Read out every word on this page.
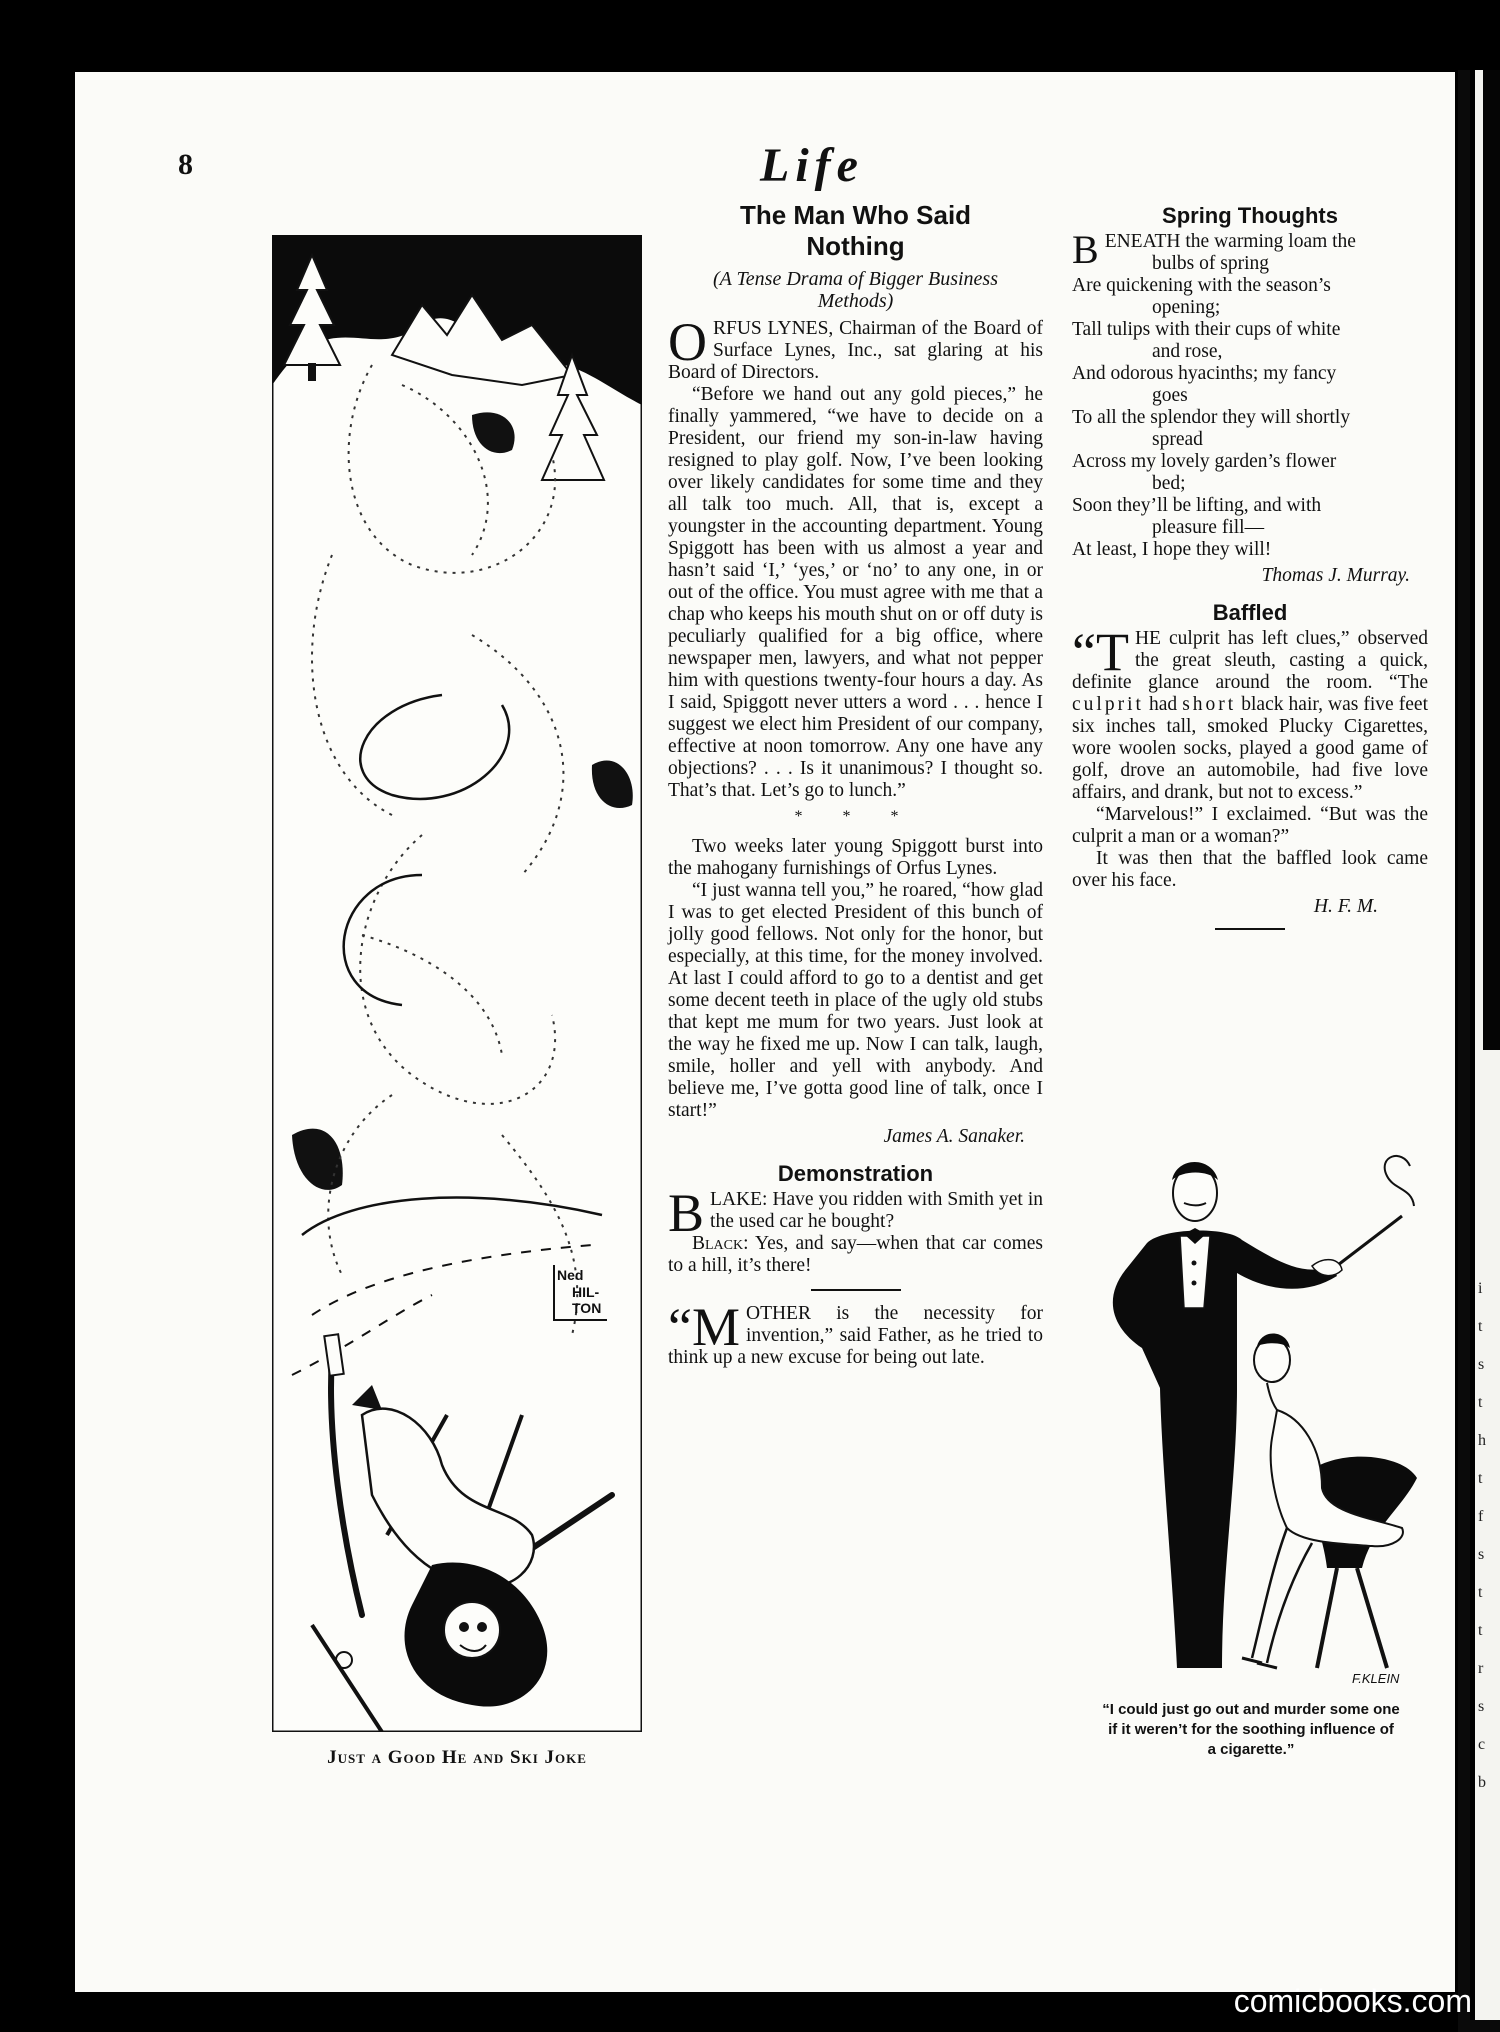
i
t
s
t
h
t
f
s
t
t
r
s
c
b
8	Life
Ned
HIL-
TON
Just a Good He and Ski Joke
The Man Who Said
Nothing
(A Tense Drama of Bigger Business
Methods)

ORFUS LYNES, Chairman of the Board of Surface Lynes, Inc., sat glaring at his Board of Directors.

“Before we hand out any gold pieces,” he finally yammered, “we have to decide on a President, our friend my son-in-law having resigned to play golf. Now, I’ve been looking over likely candidates for some time and they all talk too much. All, that is, except a youngster in the accounting department. Young Spiggott has been with us almost a year and hasn’t said ‘I,’ ‘yes,’ or ‘no’ to any one, in or out of the office. You must agree with me that a chap who keeps his mouth shut on or off duty is peculiarly qualified for a big office, where newspaper men, lawyers, and what not pepper him with questions twenty-four hours a day. As I said, Spiggott never utters a word . . . hence I suggest we elect him President of our company, effective at noon tomorrow. Any one have any objections? . . . Is it unanimous? I thought so. That’s that. Let’s go to lunch.”

* * *

Two weeks later young Spiggott burst into the mahogany furnishings of Orfus Lynes.

“I just wanna tell you,” he roared, “how glad I was to get elected President of this bunch of jolly good fellows. Not only for the honor, but especially, at this time, for the money involved. At last I could afford to go to a dentist and get some decent teeth in place of the ugly old stubs that kept me mum for two years. Just look at the way he fixed me up. Now I can talk, laugh, smile, holler and yell with anybody. And believe me, I’ve gotta good line of talk, once I start!”

James A. Sanaker.
Demonstration

BLAKE: Have you ridden with Smith yet in the used car he bought?

Black: Yes, and say—when that car comes to a hill, it’s there!

“M OTHER is the necessity for invention,” said Father, as he tried to think up a new excuse for being out late.

Spring Thoughts
BENEATH the warming loam the
bulbs of spring
Are quickening with the season’s
opening;
Tall tulips with their cups of white
and rose,
And odorous hyacinths; my fancy
goes
To all the splendor they will shortly
spread
Across my lovely garden’s flower
bed;
Soon they’ll be lifting, and with
pleasure fill—
At least, I hope they will!
Thomas J. Murray.
Baffled

“T HE culprit has left clues,” observed the great sleuth, casting a quick, definite glance around the room. “The culprit had short black hair, was five feet six inches tall, smoked Plucky Cigarettes, wore woolen socks, played a good game of golf, drove an automobile, had five love affairs, and drank, but not to excess.”

“Marvelous!” I exclaimed. “But was the culprit a man or a woman?”

It was then that the baffled look came over his face.

H. F. M.
F.KLEIN
“I could just go out and murder some one
if it weren’t for the soothing influence of
a cigarette.”
comicbooks.com
